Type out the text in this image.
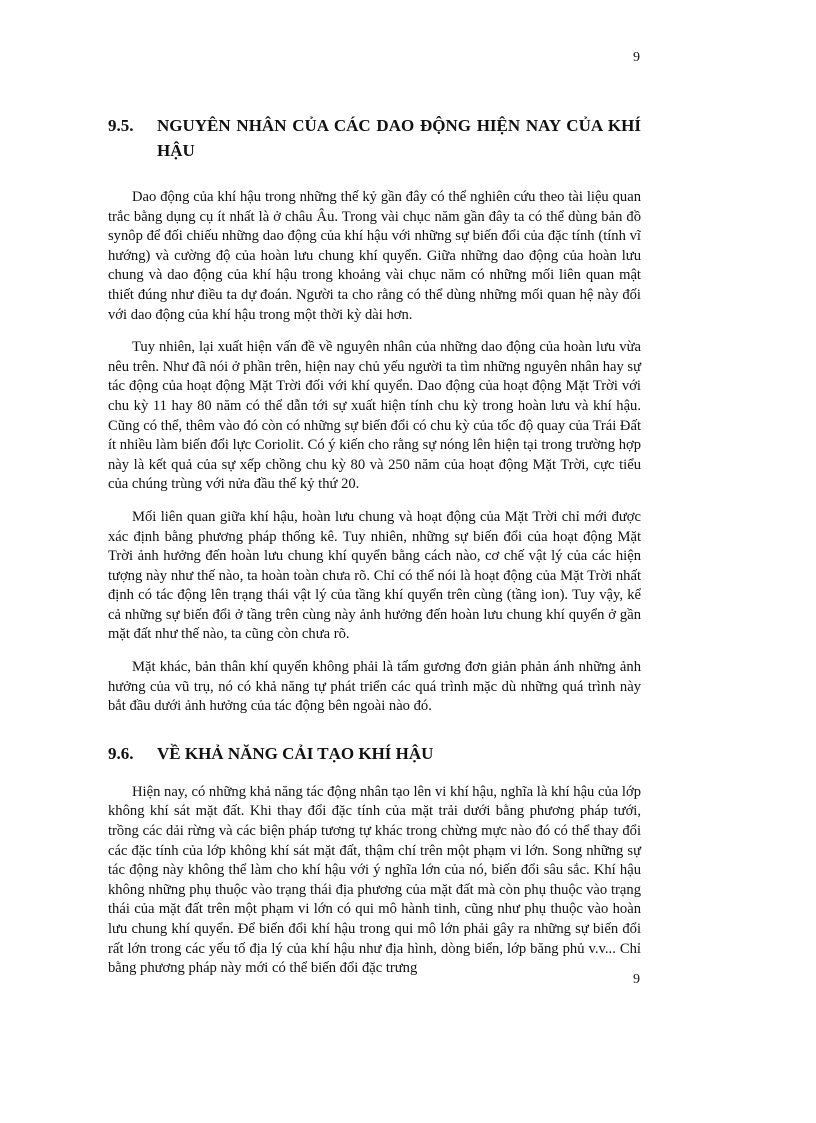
9
9.5.	NGUYÊN NHÂN CỦA CÁC DAO ĐỘNG HIỆN NAY CỦA KHÍ HẬU

Dao động của khí hậu trong những thế kỷ gần đây có thể nghiên cứu theo tài liệu quan trắc bằng dụng cụ ít nhất là ở châu Âu. Trong vài chục năm gần đây ta có thể dùng bản đồ synôp để đối chiếu những dao động của khí hậu với những sự biến đổi của đặc tính (tính vĩ hướng) và cường độ của hoàn lưu chung khí quyển. Giữa những dao động của hoàn lưu chung và dao động của khí hậu trong khoảng vài chục năm có những mối liên quan mật thiết đúng như điều ta dự đoán. Người ta cho rằng có thể dùng những mối quan hệ này đối với dao động của khí hậu trong một thời kỳ dài hơn.

Tuy nhiên, lại xuất hiện vấn đề về nguyên nhân của những dao động của hoàn lưu vừa nêu trên. Như đã nói ở phần trên, hiện nay chủ yếu người ta tìm những nguyên nhân hay sự tác động của hoạt động Mặt Trời đối với khí quyển. Dao động của hoạt động Mặt Trời với chu kỳ 11 hay 80 năm có thể dẫn tới sự xuất hiện tính chu kỳ trong hoàn lưu và khí hậu. Cũng có thể, thêm vào đó còn có những sự biến đổi có chu kỳ của tốc độ quay của Trái Đất ít nhiều làm biến đổi lực Coriolit. Có ý kiến cho rằng sự nóng lên hiện tại trong trường hợp này là kết quả của sự xếp chồng chu kỳ 80 và 250 năm của hoạt động Mặt Trời, cực tiểu của chúng trùng với nửa đầu thế kỷ thứ 20.

Mối liên quan giữa khí hậu, hoàn lưu chung và hoạt động của Mặt Trời chỉ mới được xác định bằng phương pháp thống kê. Tuy nhiên, những sự biến đổi của hoạt động Mặt Trời ảnh hưởng đến hoàn lưu chung khí quyển bằng cách nào, cơ chế vật lý của các hiện tượng này như thế nào, ta hoàn toàn chưa rõ. Chỉ có thể nói là hoạt động của Mặt Trời nhất định có tác động lên trạng thái vật lý của tầng khí quyển trên cùng (tầng ion). Tuy vậy, kể cả những sự biến đổi ở tầng trên cùng này ảnh hưởng đến hoàn lưu chung khí quyển ở gần mặt đất như thế nào, ta cũng còn chưa rõ.

Mặt khác, bản thân khí quyển không phải là tấm gương đơn giản phản ánh những ảnh hưởng của vũ trụ, nó có khả năng tự phát triển các quá trình mặc dù những quá trình này bắt đầu dưới ảnh hưởng của tác động bên ngoài nào đó.

9.6.	VỀ KHẢ NĂNG CẢI TẠO KHÍ HẬU

Hiện nay, có những khả năng tác động nhân tạo lên vi khí hậu, nghĩa là khí hậu của lớp không khí sát mặt đất. Khi thay đổi đặc tính của mặt trải dưới bằng phương pháp tưới, trồng các dải rừng và các biện pháp tương tự khác trong chừng mực nào đó có thể thay đổi các đặc tính của lớp không khí sát mặt đất, thậm chí trên một phạm vi lớn. Song những sự tác động này không thể làm cho khí hậu với ý nghĩa lớn của nó, biến đổi sâu sắc. Khí hậu không những phụ thuộc vào trạng thái địa phương của mặt đất mà còn phụ thuộc vào trạng thái của mặt đất trên một phạm vi lớn có qui mô hành tinh, cũng như phụ thuộc vào hoàn lưu chung khí quyển. Để biến đổi khí hậu trong qui mô lớn phải gây ra những sự biến đổi rất lớn trong các yếu tố địa lý của khí hậu như địa hình, dòng biển, lớp băng phủ v.v... Chỉ bằng phương pháp này mới có thể biến đổi đặc trưng

9
